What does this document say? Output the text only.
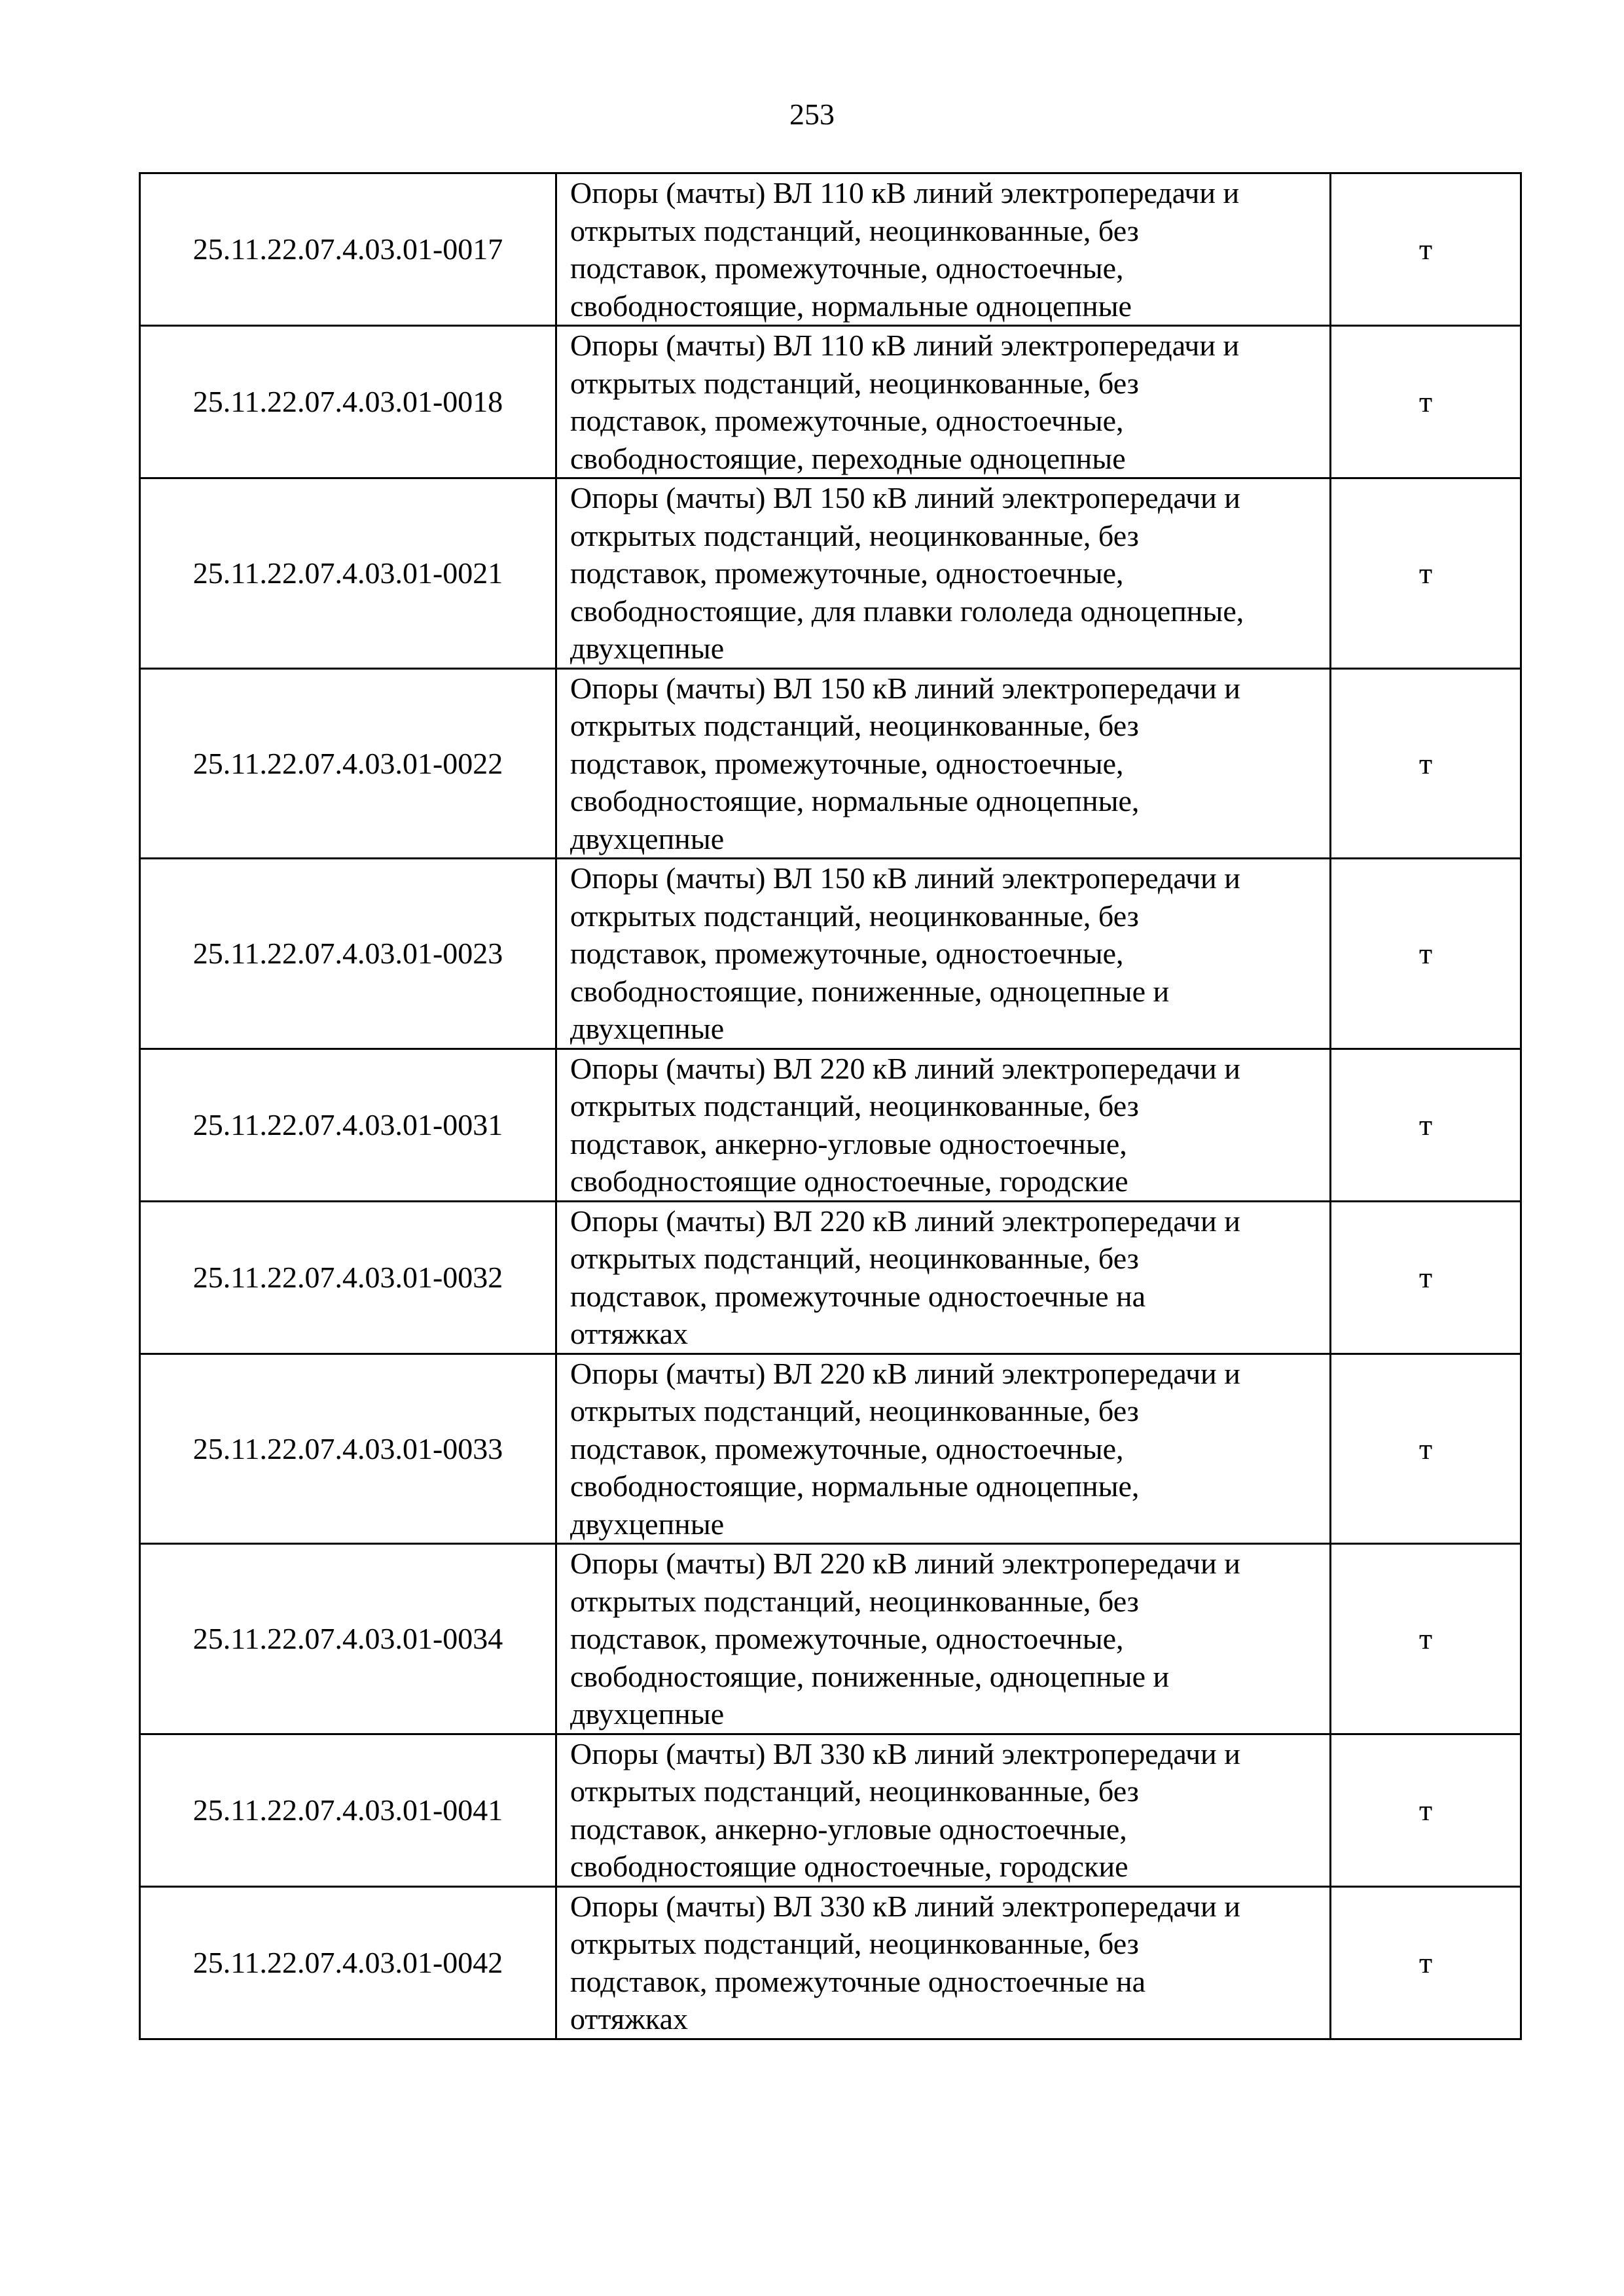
253
25.11.22.07.4.03.01-0017	Опоры (мачты) ВЛ 110 кВ линий электропередачи и
открытых подстанций, неоцинкованные, без
подставок, промежуточные, одностоечные,
свободностоящие, нормальные одноцепные	т
25.11.22.07.4.03.01-0018	Опоры (мачты) ВЛ 110 кВ линий электропередачи и
открытых подстанций, неоцинкованные, без
подставок, промежуточные, одностоечные,
свободностоящие, переходные одноцепные	т
25.11.22.07.4.03.01-0021	Опоры (мачты) ВЛ 150 кВ линий электропередачи и
открытых подстанций, неоцинкованные, без
подставок, промежуточные, одностоечные,
свободностоящие, для плавки гололеда одноцепные,
двухцепные	т
25.11.22.07.4.03.01-0022	Опоры (мачты) ВЛ 150 кВ линий электропередачи и
открытых подстанций, неоцинкованные, без
подставок, промежуточные, одностоечные,
свободностоящие, нормальные одноцепные,
двухцепные	т
25.11.22.07.4.03.01-0023	Опоры (мачты) ВЛ 150 кВ линий электропередачи и
открытых подстанций, неоцинкованные, без
подставок, промежуточные, одностоечные,
свободностоящие, пониженные, одноцепные и
двухцепные	т
25.11.22.07.4.03.01-0031	Опоры (мачты) ВЛ 220 кВ линий электропередачи и
открытых подстанций, неоцинкованные, без
подставок, анкерно-угловые одностоечные,
свободностоящие одностоечные, городские	т
25.11.22.07.4.03.01-0032	Опоры (мачты) ВЛ 220 кВ линий электропередачи и
открытых подстанций, неоцинкованные, без
подставок, промежуточные одностоечные на
оттяжках	т
25.11.22.07.4.03.01-0033	Опоры (мачты) ВЛ 220 кВ линий электропередачи и
открытых подстанций, неоцинкованные, без
подставок, промежуточные, одностоечные,
свободностоящие, нормальные одноцепные,
двухцепные	т
25.11.22.07.4.03.01-0034	Опоры (мачты) ВЛ 220 кВ линий электропередачи и
открытых подстанций, неоцинкованные, без
подставок, промежуточные, одностоечные,
свободностоящие, пониженные, одноцепные и
двухцепные	т
25.11.22.07.4.03.01-0041	Опоры (мачты) ВЛ 330 кВ линий электропередачи и
открытых подстанций, неоцинкованные, без
подставок, анкерно-угловые одностоечные,
свободностоящие одностоечные, городские	т
25.11.22.07.4.03.01-0042	Опоры (мачты) ВЛ 330 кВ линий электропередачи и
открытых подстанций, неоцинкованные, без
подставок, промежуточные одностоечные на
оттяжках	т
